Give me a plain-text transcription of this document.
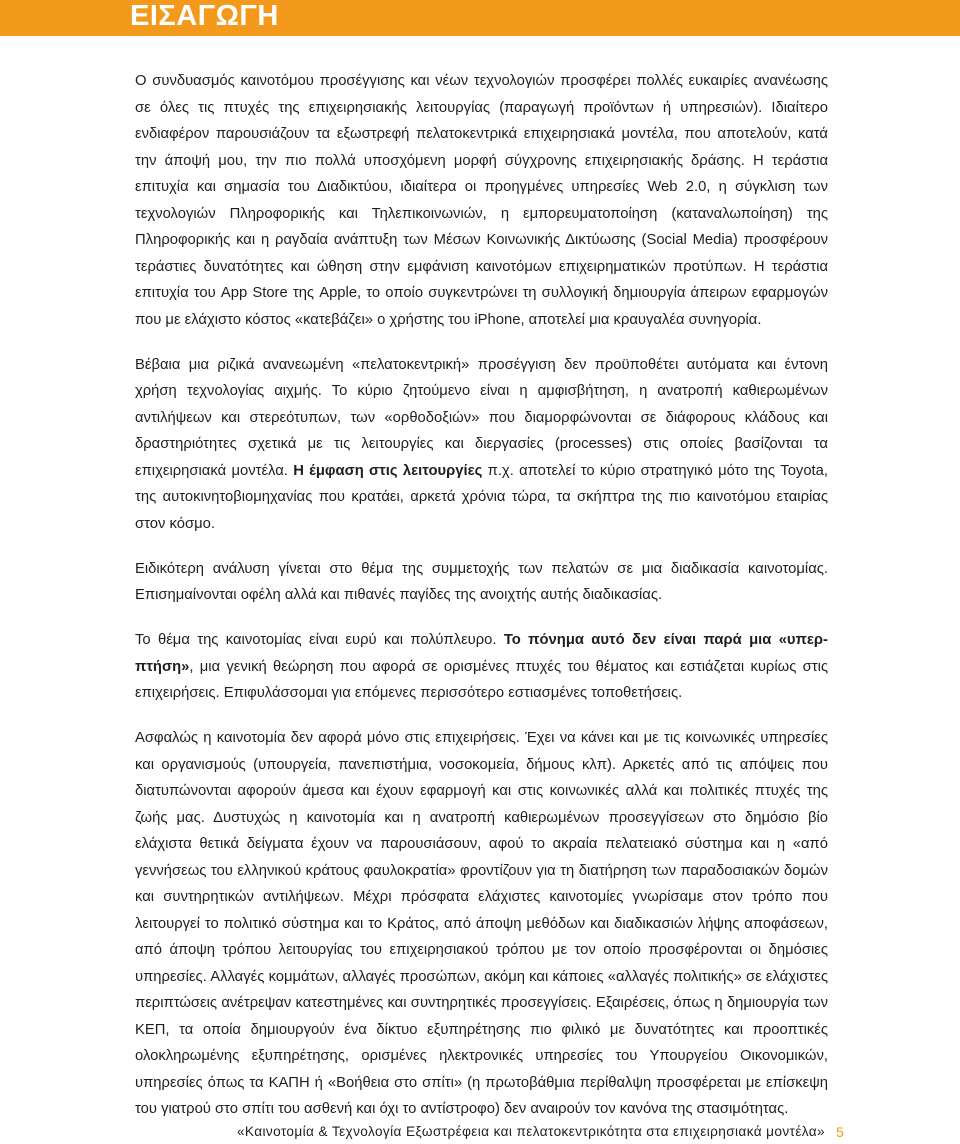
ΕΙΣΑΓΩΓΗ

Ο συνδυασμός καινοτόμου προσέγγισης και νέων τεχνολογιών προσφέρει πολλές ευκαιρίες ανανέωσης σε όλες τις πτυχές της επιχειρησιακής λειτουργίας (παραγωγή προϊόντων ή υπηρεσιών). Ιδιαίτερο ενδιαφέρον παρουσιάζουν τα εξωστρεφή πελατοκεντρικά επιχειρησιακά μοντέλα, που αποτελούν, κατά την άποψή μου, την πιο πολλά υποσχόμενη μορφή σύγχρονης επιχειρησιακής δράσης. Η τεράστια επιτυχία και σημασία του Διαδικτύου, ιδιαίτερα οι προηγμένες υπηρεσίες Web 2.0, η σύγκλιση των τεχνολογιών Πληροφορικής και Τηλεπικοινωνιών, η εμπορευματοποίηση (καταναλωποίηση) της Πληροφορικής και η ραγδαία ανάπτυξη των Μέσων Κοινωνικής Δικτύωσης (Social Media) προσφέρουν τεράστιες δυνατότητες και ώθηση στην εμφάνιση καινοτόμων επιχειρηματικών προτύπων. Η τεράστια επιτυχία του App Store της Apple, το οποίο συγκεντρώνει τη συλλογική δημιουργία άπειρων εφαρμογών που με ελάχιστο κόστος «κατεβάζει» ο χρήστης του iPhone, αποτελεί μια κραυγαλέα συνηγορία.

Βέβαια μια ριζικά ανανεωμένη «πελατοκεντρική» προσέγγιση δεν προϋποθέτει αυτόματα και έντονη χρήση τεχνολογίας αιχμής. Το κύριο ζητούμενο είναι η αμφισβήτηση, η ανατροπή καθιερωμένων αντιλήψεων και στερεότυπων, των «ορθοδοξιών» που διαμορφώνονται σε διάφορους κλάδους και δραστηριότητες σχετικά με τις λειτουργίες και διεργασίες (processes) στις οποίες βασίζονται τα επιχειρησιακά μοντέλα. Η έμφαση στις λειτουργίες π.χ. αποτελεί το κύριο στρατηγικό μότο της Toyota, της αυτοκινητοβιομηχανίας που κρατάει, αρκετά χρόνια τώρα, τα σκήπτρα της πιο καινοτόμου εταιρίας στον κόσμο.

Ειδικότερη ανάλυση γίνεται στο θέμα της συμμετοχής των πελατών σε μια διαδικασία καινοτομίας. Επισημαίνονται οφέλη αλλά και πιθανές παγίδες της ανοιχτής αυτής διαδικασίας.

Το θέμα της καινοτομίας είναι ευρύ και πολύπλευρο. Το πόνημα αυτό δεν είναι παρά μια «υπερ-πτήση», μια γενική θεώρηση που αφορά σε ορισμένες πτυχές του θέματος και εστιάζεται κυρίως στις επιχειρήσεις. Επιφυλάσσομαι για επόμενες περισσότερο εστιασμένες τοποθετήσεις.

Ασφαλώς η καινοτομία δεν αφορά μόνο στις επιχειρήσεις. Έχει να κάνει και με τις κοινωνικές υπηρεσίες και οργανισμούς (υπουργεία, πανεπιστήμια, νοσοκομεία, δήμους κλπ). Αρκετές από τις απόψεις που διατυπώνονται αφορούν άμεσα και έχουν εφαρμογή και στις κοινωνικές αλλά και πολιτικές πτυχές της ζωής μας. Δυστυχώς η καινοτομία και η ανατροπή καθιερωμένων προσεγγίσεων στο δημόσιο βίο ελάχιστα θετικά δείγματα έχουν να παρουσιάσουν, αφού το ακραία πελατειακό σύστημα και η «από γεννήσεως του ελληνικού κράτους φαυλοκρατία» φροντίζουν για τη διατήρηση των παραδοσιακών δομών και συντηρητικών αντιλήψεων. Μέχρι πρόσφατα ελάχιστες καινοτομίες γνωρίσαμε στον τρόπο που λειτουργεί το πολιτικό σύστημα και το Κράτος, από άποψη μεθόδων και διαδικασιών λήψης αποφάσεων, από άποψη τρόπου λειτουργίας του επιχειρησιακού τρόπου με τον οποίο προσφέρονται οι δημόσιες υπηρεσίες. Αλλαγές κομμάτων, αλλαγές προσώπων, ακόμη και κάποιες «αλλαγές πολιτικής» σε ελάχιστες περιπτώσεις ανέτρεψαν κατεστημένες και συντηρητικές προσεγγίσεις. Εξαιρέσεις, όπως η δημιουργία των ΚΕΠ, τα οποία δημιουργούν ένα δίκτυο εξυπηρέτησης πιο φιλικό με δυνατότητες και προοπτικές ολοκληρωμένης εξυπηρέτησης, ορισμένες ηλεκτρονικές υπηρεσίες του Υπουργείου Οικονομικών, υπηρεσίες όπως τα ΚΑΠΗ ή «Βοήθεια στο σπίτι» (η πρωτοβάθμια περίθαλψη προσφέρεται με επίσκεψη του γιατρού στο σπίτι του ασθενή και όχι το αντίστροφο) δεν αναιρούν τον κανόνα της στασιμότητας.

«Καινοτομία & Τεχνολογία Εξωστρέφεια και πελατοκεντρικότητα στα επιχειρησιακά μοντέλα» 5
